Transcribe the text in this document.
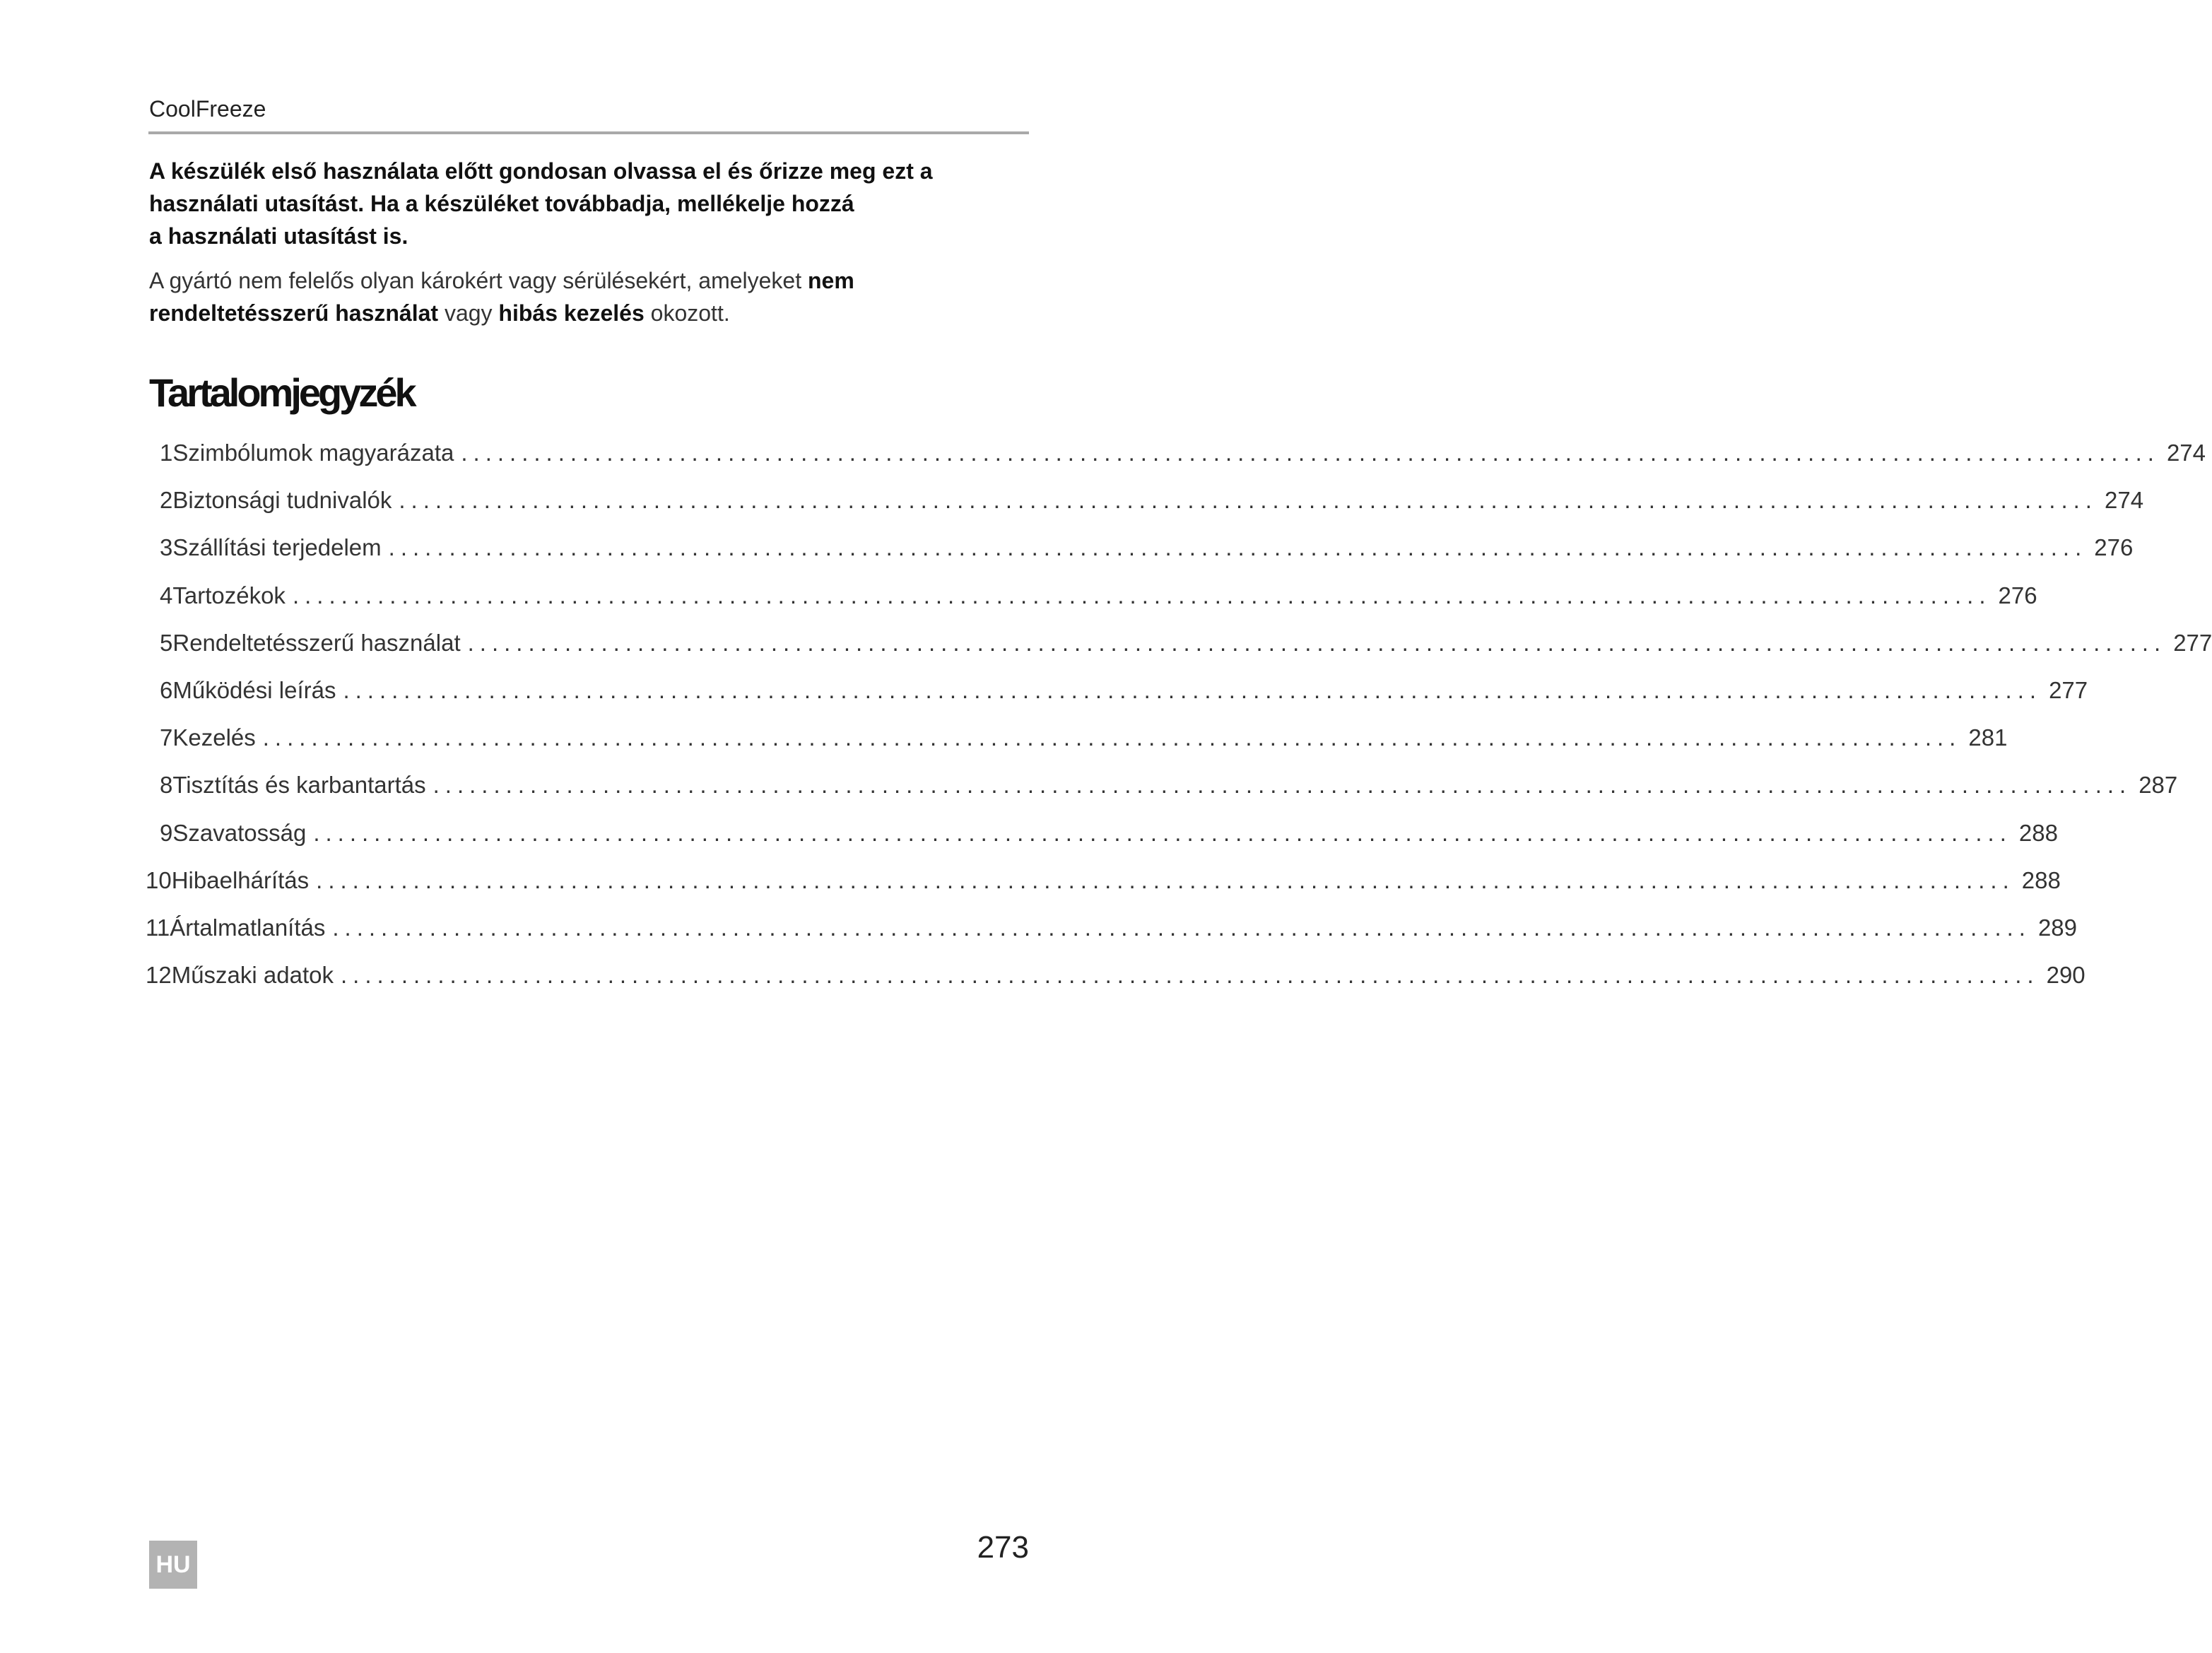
CoolFreeze
A készülék első használata előtt gondosan olvassa el és őrizze meg ezt a
használati utasítást. Ha a készüléket továbbadja, mellékelje hozzá
a használati utasítást is.
A gyártó nem felelős olyan károkért vagy sérülésekért, amelyeket nem
rendeltetésszerű használat vagy hibás kezelés okozott.
Tartalomjegyzék
1 Szimbólumok magyarázata ............................................................................................................................................ 274
2 Biztonsági tudnivalók ............................................................................................................................................ 274
3 Szállítási terjedelem ............................................................................................................................................ 276
4 Tartozékok ............................................................................................................................................ 276
5 Rendeltetésszerű használat ............................................................................................................................................ 277
6 Működési leírás ............................................................................................................................................ 277
7 Kezelés ............................................................................................................................................ 281
8 Tisztítás és karbantartás ............................................................................................................................................ 287
9 Szavatosság ............................................................................................................................................ 288
10 Hibaelhárítás ............................................................................................................................................ 288
11 Ártalmatlanítás ............................................................................................................................................ 289
12 Műszaki adatok ............................................................................................................................................ 290
HU	273
